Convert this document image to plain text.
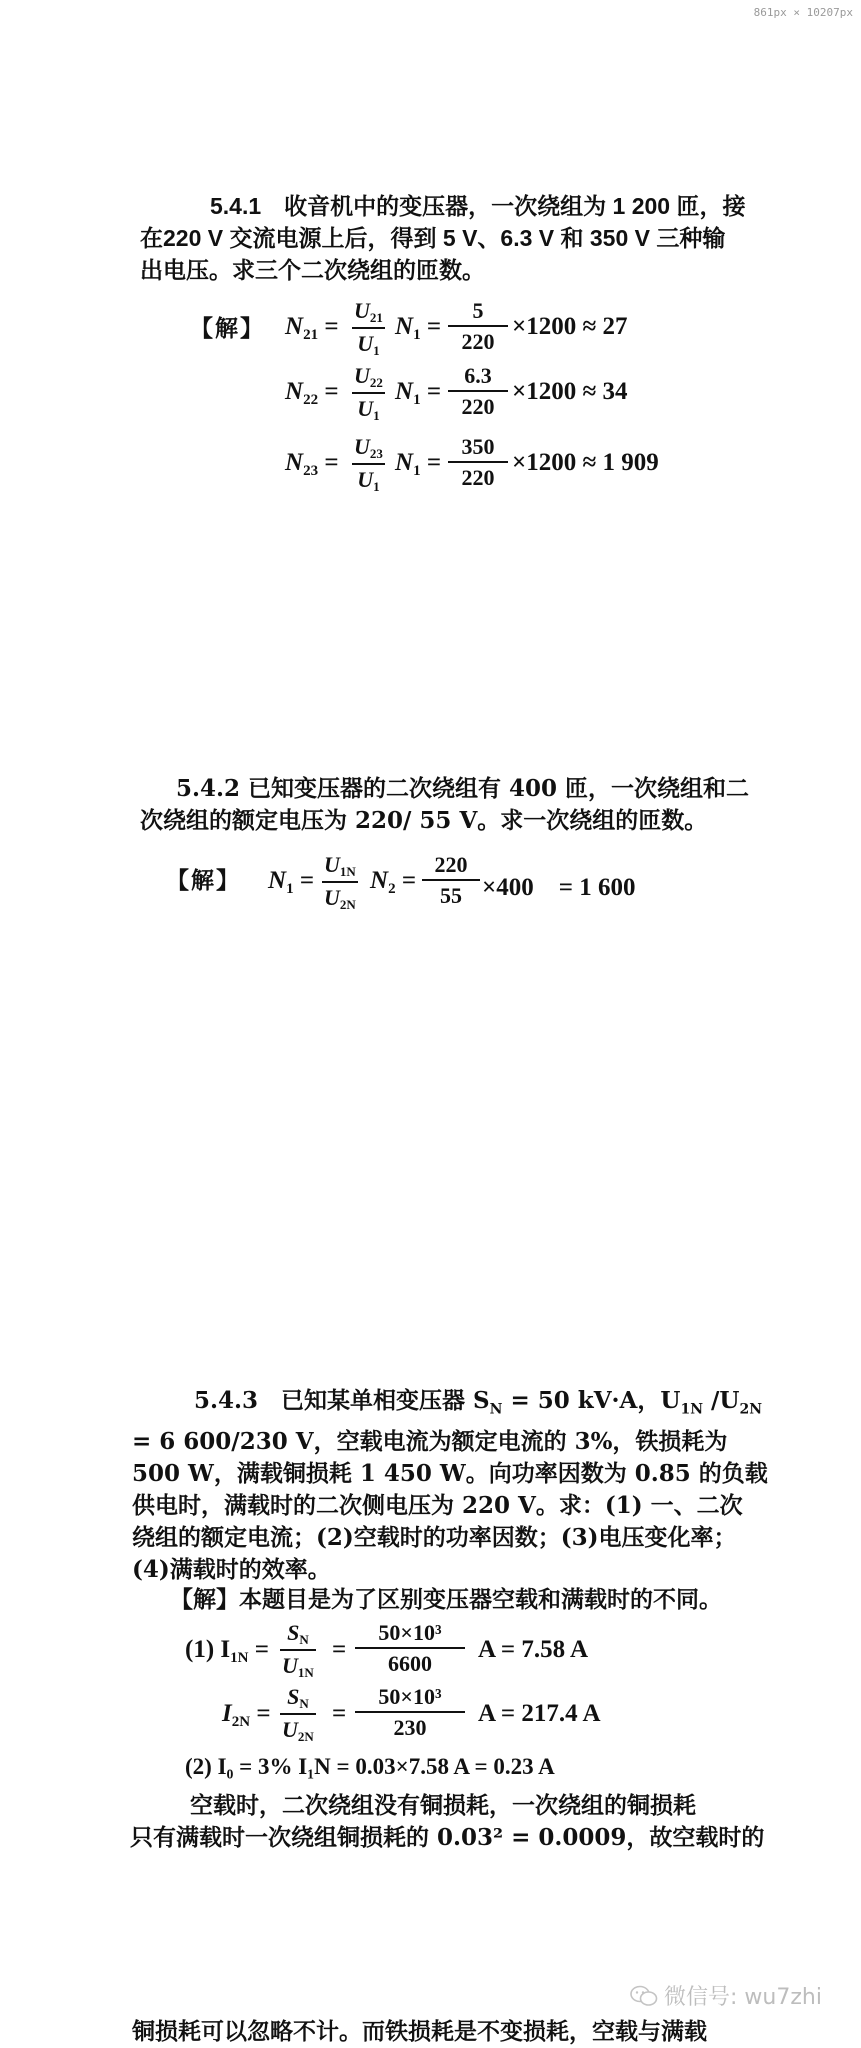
861px × 10207px
5.4.1　收音机中的变压器，一次绕组为 1 200 匝，接
在220 V 交流电源上后，得到 5 V、6.3 V 和 350 V 三种输
出电压。求三个二次绕组的匝数。
【解】 $N_{21}$ =
$U_{21}$
$U_1$
$N_1$ =
5
220
×1200 ≈ 27
$N_{22}$ =
$U_{22}$
$U_1$
$N_1$ =
6.3
220
×1200 ≈ 34
$N_{23}$ =
$U_{23}$
$U_1$
$N_1$ =
350
220
×1200 ≈ 1 909
5.4.2 已知变压器的二次绕组有 400 匝，一次绕组和二
次绕组的额定电压为 220/ 55 V。求一次绕组的匝数。
【解】 $N_1$ =
$U_{1N}$
$U_{2N}$
$N_2$ =
220
55 ×400　= 1 600
5.4.3　已知某单相变压器 $S_N = 50$ kV·A，$U_{1N}$ $/U_{2N}$
= 6 600/230 V，空载电流为额定电流的 3%，铁损耗为
500 W，满载铜损耗 1 450 W。向功率因数为 0.85 的负载
供电时，满载时的二次侧电压为 220 V。求：(1) 一、二次
绕组的额定电流；(2)空载时的功率因数；(3)电压变化率；
(4)满载时的效率。
【解】本题目是为了区别变压器空载和满载时的不同。
(1) $I_{1N}$ =
$S_N$
$U_{1N}$
=
50×10³
6600
A = 7.58 A
$I_{2N}$ =
$S_N$
$U_{2N}$
=
50×10³
230
A = 217.4 A
(2) I₀ = 3% I₁N = 0.03×7.58 A = 0.23 A
空载时，二次绕组没有铜损耗，一次绕组的铜损耗
只有满载时一次绕组铜损耗的 0.03² = 0.0009，故空载时的
微信号: wu7zhi
铜损耗可以忽略不计。而铁损耗是不变损耗，空载与满载
